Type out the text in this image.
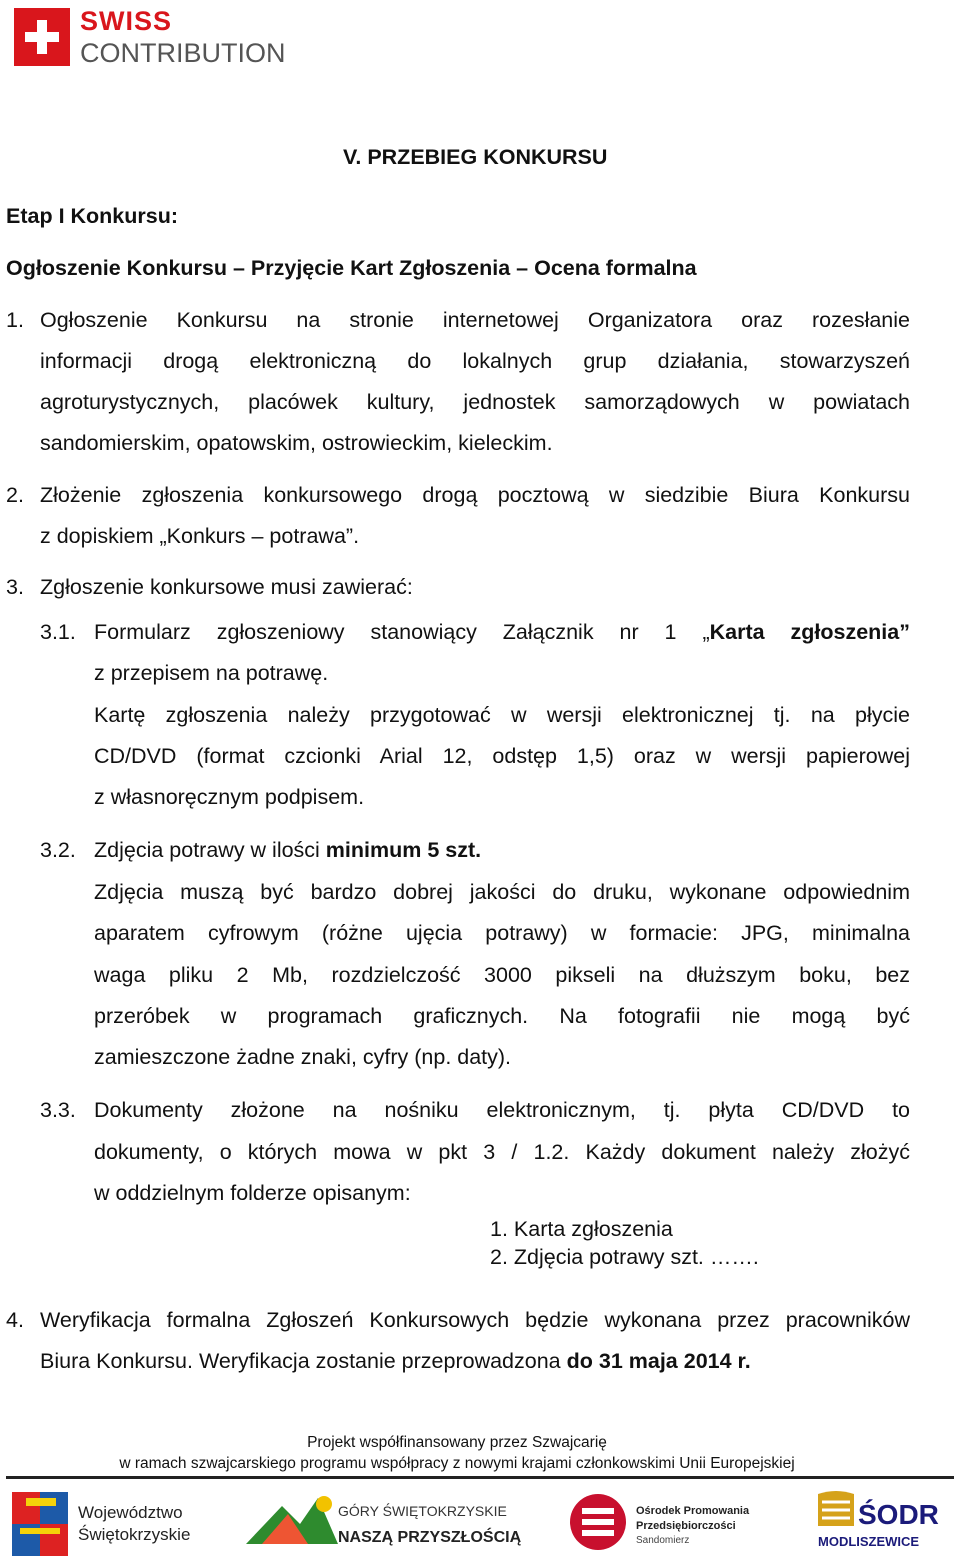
SWISS
CONTRIBUTION
V. PRZEBIEG KONKURSU
Etap I Konkursu:
Ogłoszenie Konkursu – Przyjęcie Kart Zgłoszenia – Ocena formalna
1. Ogłoszenie Konkursu na stronie internetowej Organizatora oraz rozesłanie
informacji drogą elektroniczną do lokalnych grup działania, stowarzyszeń
agroturystycznych, placówek kultury, jednostek samorządowych w powiatach
sandomierskim, opatowskim, ostrowieckim, kieleckim.
2. Złożenie zgłoszenia konkursowego drogą pocztową w siedzibie Biura Konkursu
z dopiskiem „Konkurs – potrawa”.
3. Zgłoszenie konkursowe musi zawierać:
3.1. Formularz zgłoszeniowy stanowiący Załącznik nr 1 „Karta zgłoszenia”
z przepisem na potrawę.
Kartę zgłoszenia należy przygotować w wersji elektronicznej tj. na płycie
CD/DVD (format czcionki Arial 12, odstęp 1,5) oraz w wersji papierowej
z własnoręcznym podpisem.
3.2. Zdjęcia potrawy w ilości minimum 5 szt.
Zdjęcia muszą być bardzo dobrej jakości do druku, wykonane odpowiednim
aparatem cyfrowym (różne ujęcia potrawy) w formacie: JPG, minimalna
waga pliku 2 Mb, rozdzielczość 3000 pikseli na dłuższym boku, bez
przeróbek w programach graficznych. Na fotografii nie mogą być
zamieszczone żadne znaki, cyfry (np. daty).
3.3. Dokumenty złożone na nośniku elektronicznym, tj. płyta CD/DVD to
dokumenty, o których mowa w pkt 3 / 1.2. Każdy dokument należy złożyć
w oddzielnym folderze opisanym:
1. Karta zgłoszenia
2. Zdjęcia potrawy szt. …….
4. Weryfikacja formalna Zgłoszeń Konkursowych będzie wykonana przez pracowników
Biura Konkursu. Weryfikacja zostanie przeprowadzona do 31 maja 2014 r.
Projekt współfinansowany przez Szwajcarię
w ramach szwajcarskiego programu współpracy z nowymi krajami członkowskimi Unii Europejskiej
Województwo
Świętokrzyskie
GÓRY ŚWIĘTOKRZYSKIE
NASZĄ PRZYSZŁOŚCIĄ
Ośrodek Promowania
Przedsiębiorczości
Sandomierz
ŚODR
MODLISZEWICE
